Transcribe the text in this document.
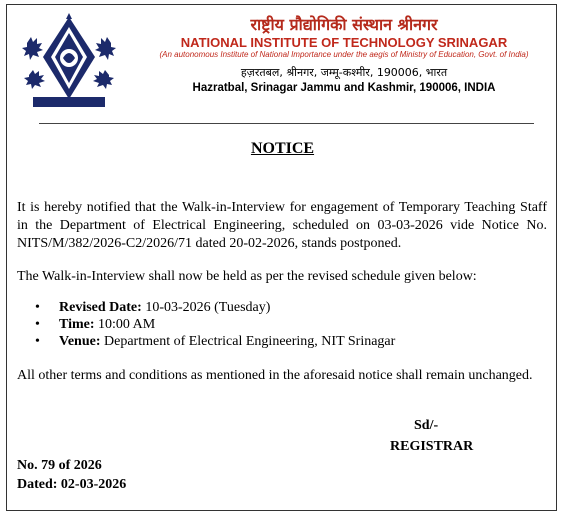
राष्ट्रीय प्रौद्योगिकी संस्थान श्रीनगर
NATIONAL INSTITUTE OF TECHNOLOGY SRINAGAR
(An autonomous Institute of National Importance under the aegis of Ministry of Education, Govt. of India)
हज़रतबल, श्रीनगर, जम्मू-कश्मीर, 190006, भारत
Hazratbal, Srinagar Jammu and Kashmir, 190006, INDIA
NOTICE
It is hereby notified that the Walk-in-Interview for engagement of Temporary Teaching Staff in the Department of Electrical Engineering, scheduled on 03-03-2026 vide Notice No. NITS/M/382/2026-C2/2026/71 dated 20-02-2026, stands postponed.
The Walk-in-Interview shall now be held as per the revised schedule given below:
• Revised Date: 10-03-2026 (Tuesday)
• Time: 10:00 AM
• Venue: Department of Electrical Engineering, NIT Srinagar
All other terms and conditions as mentioned in the aforesaid notice shall remain unchanged.
Sd/-
REGISTRAR
No. 79 of 2026
Dated: 02-03-2026
